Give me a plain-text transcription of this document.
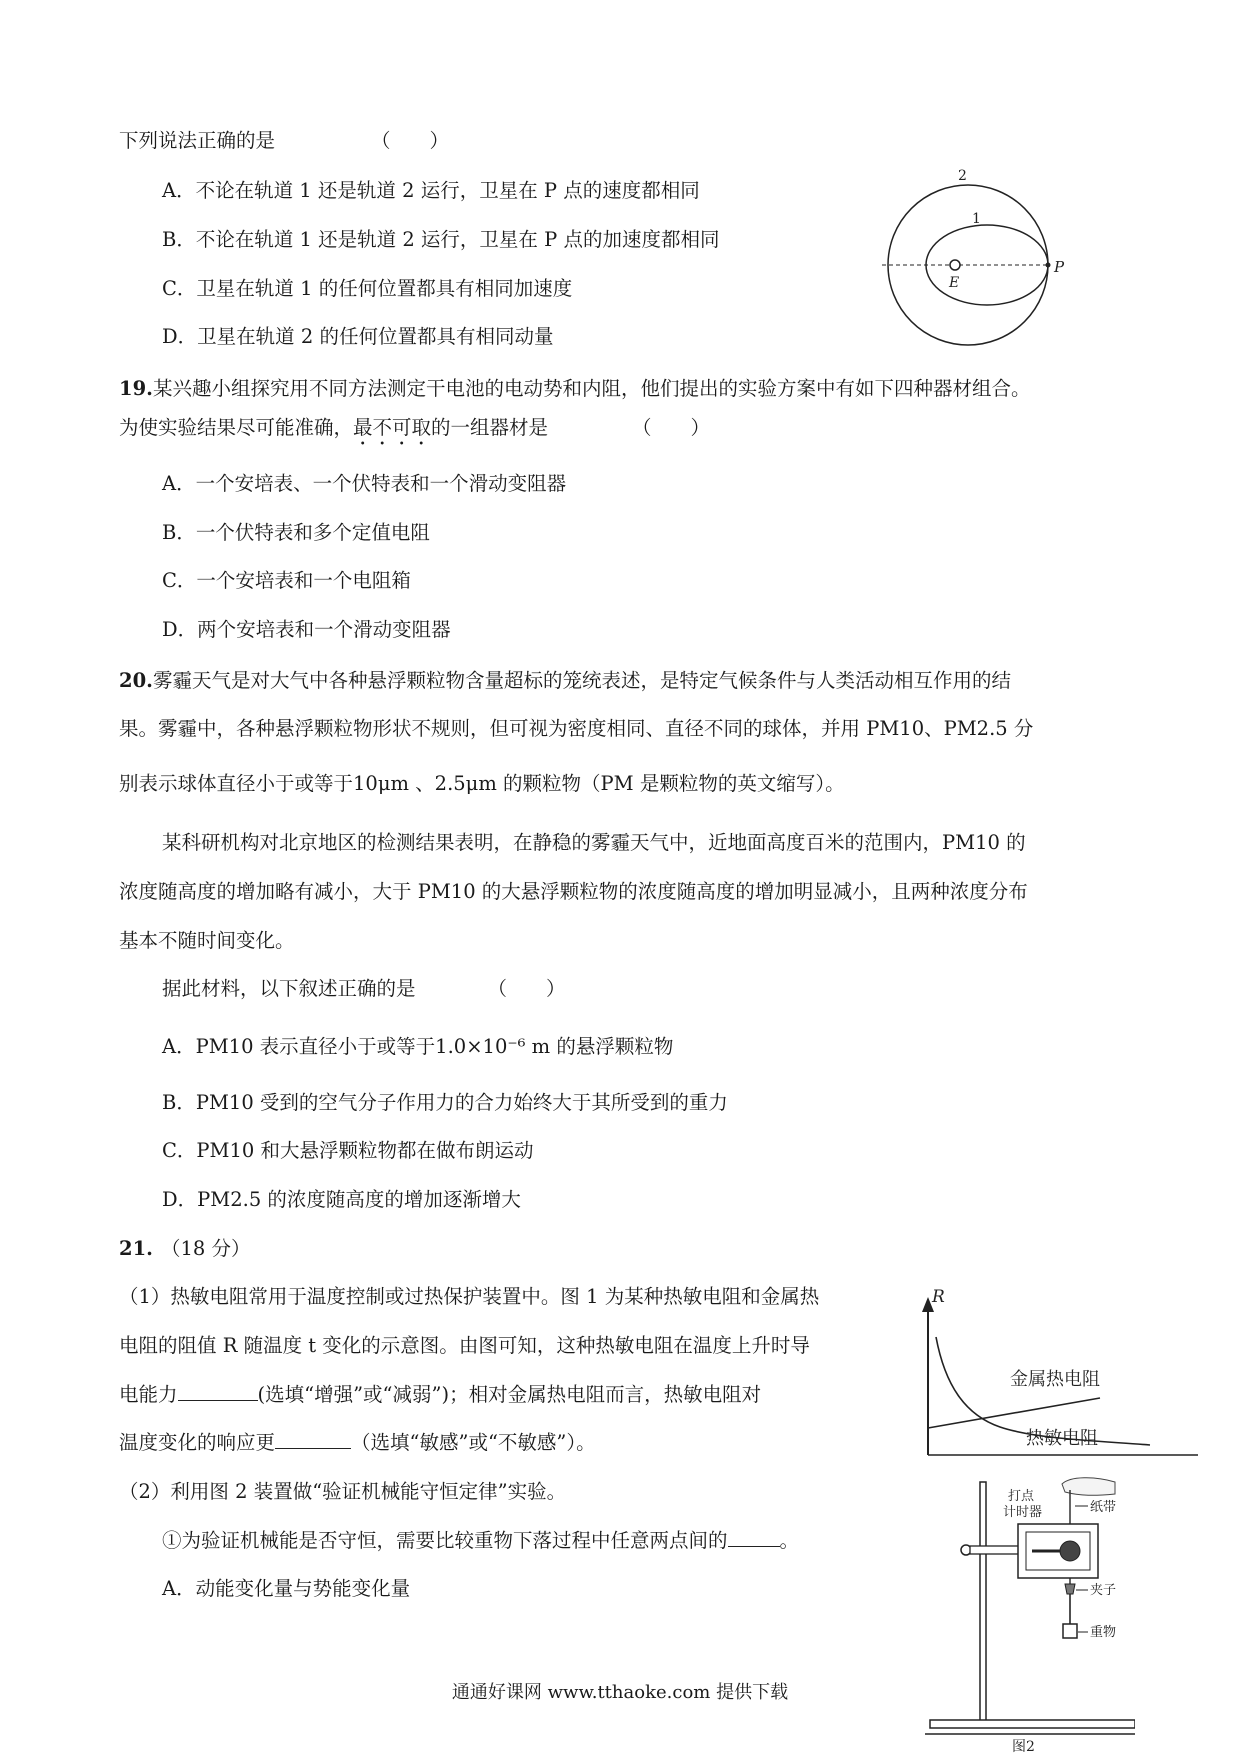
下列说法正确的是	（　　）
A．不论在轨道 1 还是轨道 2 运行，卫星在 P 点的速度都相同
B．不论在轨道 1 还是轨道 2 运行，卫星在 P 点的加速度都相同
C．卫星在轨道 1 的任何位置都具有相同加速度
D．卫星在轨道 2 的任何位置都具有相同动量
2
1
E
P
19.某兴趣小组探究用不同方法测定干电池的电动势和内阻，他们提出的实验方案中有如下四种器材组合。
为使实验结果尽可能准确，最不可取的一组器材是	（　　）
A．一个安培表、一个伏特表和一个滑动变阻器
B．一个伏特表和多个定值电阻
C．一个安培表和一个电阻箱
D．两个安培表和一个滑动变阻器
20.雾霾天气是对大气中各种悬浮颗粒物含量超标的笼统表述，是特定气候条件与人类活动相互作用的结
果。雾霾中，各种悬浮颗粒物形状不规则，但可视为密度相同、直径不同的球体，并用 PM10、PM2.5 分
别表示球体直径小于或等于10μm 、2.5μm 的颗粒物（PM 是颗粒物的英文缩写）。
某科研机构对北京地区的检测结果表明，在静稳的雾霾天气中，近地面高度百米的范围内，PM10 的
浓度随高度的增加略有减小，大于 PM10 的大悬浮颗粒物的浓度随高度的增加明显减小，且两种浓度分布
基本不随时间变化。
据此材料，以下叙述正确的是	（　　）
A．PM10 表示直径小于或等于1.0×10⁻⁶ m 的悬浮颗粒物
B．PM10 受到的空气分子作用力的合力始终大于其所受到的重力
C．PM10 和大悬浮颗粒物都在做布朗运动
D．PM2.5 的浓度随高度的增加逐渐增大
21. （18 分）
（1）热敏电阻常用于温度控制或过热保护装置中。图 1 为某种热敏电阻和金属热
电阻的阻值 R 随温度 t 变化的示意图。由图可知，这种热敏电阻在温度上升时导
电能力	(选填“增强”或“减弱”)；相对金属热电阻而言，热敏电阻对
温度变化的响应更	（选填“敏感”或“不敏感”）。
R
金属热电阻
热敏电阻
（2）利用图 2 装置做“验证机械能守恒定律”实验。
①为验证机械能是否守恒，需要比较重物下落过程中任意两点间的	。
A．动能变化量与势能变化量
打点
计时器	纸带
夹子
重物
图2
通通好课网 www.tthaoke.com 提供下载
